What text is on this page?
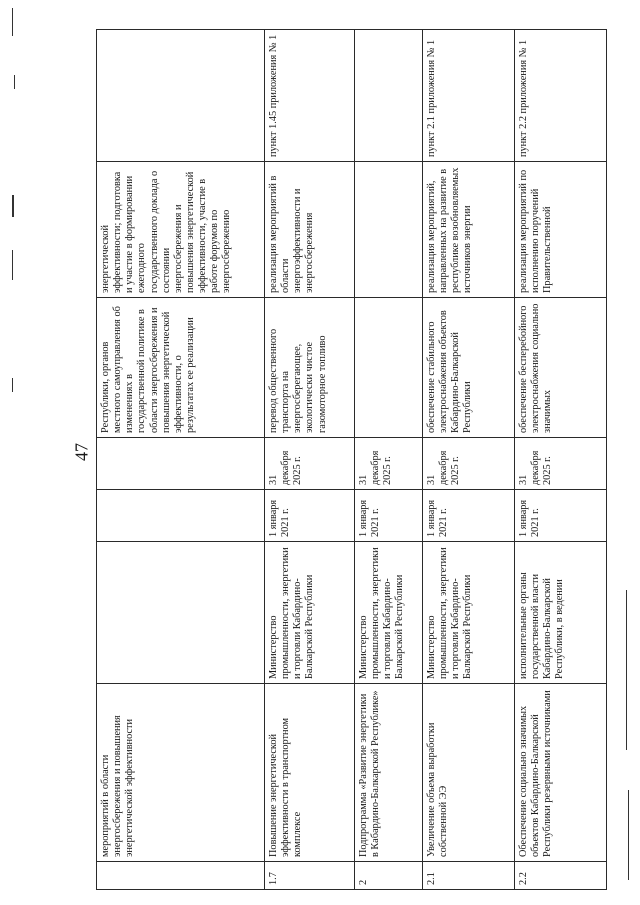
47
	мероприятий в области энергосбережения и повышения энергетической эффективности				Республики, органов местного самоуправления об изменениях в государственной политике в области энергосбережения и повышения энергетической эффективности, о результатах ее реализации	энергетической эффективности; подготовка и участие в формировании ежегодного государственного доклада о состоянии энергосбережения и повышения энергетической эффективности, участие в работе форумов по энергосбережению	
1.7	Повышение энергетической эффективности в транспортном комплексе	Министерство промышленности, энергетики и торговли Кабардино-Балкарской Республики	1 января 2021 г.	31 декабря 2025 г.	перевод общественного транспорта на энергосберегающее, экологически чистое газомоторное топливо	реализация мероприятий в области энергоэффективности и энергосбережения	пункт 1.45 приложения № 1
2	Подпрограмма «Развитие энергетики в Кабардино-Балкарской Республике»	Министерство промышленности, энергетики и торговли Кабардино-Балкарской Республики	1 января 2021 г.	31 декабря 2025 г.			
2.1	Увеличение объема выработки собственной ЭЭ	Министерство промышленности, энергетики и торговли Кабардино-Балкарской Республики	1 января 2021 г.	31 декабря 2025 г.	обеспечение стабильного электроснабжения объектов Кабардино-Балкарской Республики	реализация мероприятий, направленных на развитие в республике возобновляемых источников энергии	пункт 2.1 приложения № 1
2.2	Обеспечение социально значимых объектов Кабардино-Балкарской Республики резервными источниками	исполнительные органы государственной власти Кабардино-Балкарской Республики, в ведении	1 января 2021 г.	31 декабря 2025 г.	обеспечение бесперебойного электроснабжения социально значимых	реализация мероприятий по исполнению поручений Правительственной	пункт 2.2 приложения № 1
